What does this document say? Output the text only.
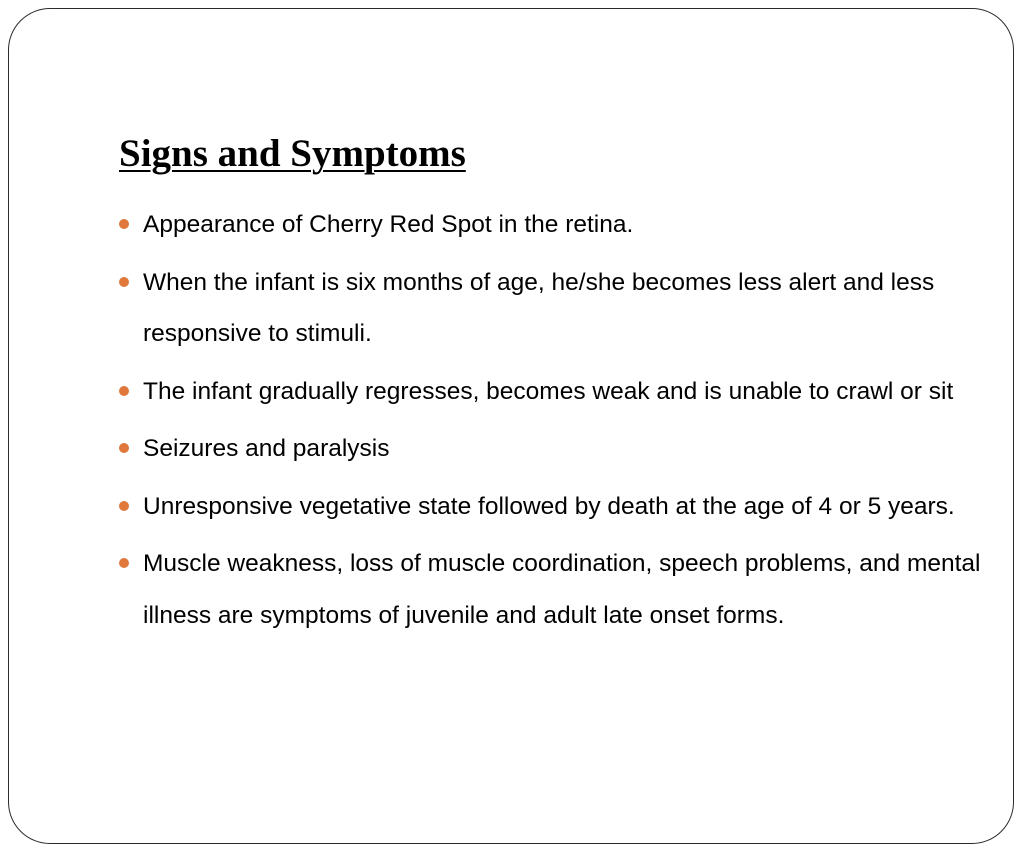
Signs and Symptoms
Appearance of Cherry Red Spot in the retina.
When the infant is six months of age, he/she becomes less alert and less responsive to stimuli.
The infant gradually regresses, becomes weak and is unable to crawl or sit
Seizures and paralysis
Unresponsive vegetative state followed by death at the age of 4 or 5 years.
Muscle weakness, loss of muscle coordination, speech problems, and mental illness are symptoms of juvenile and adult late onset forms.
